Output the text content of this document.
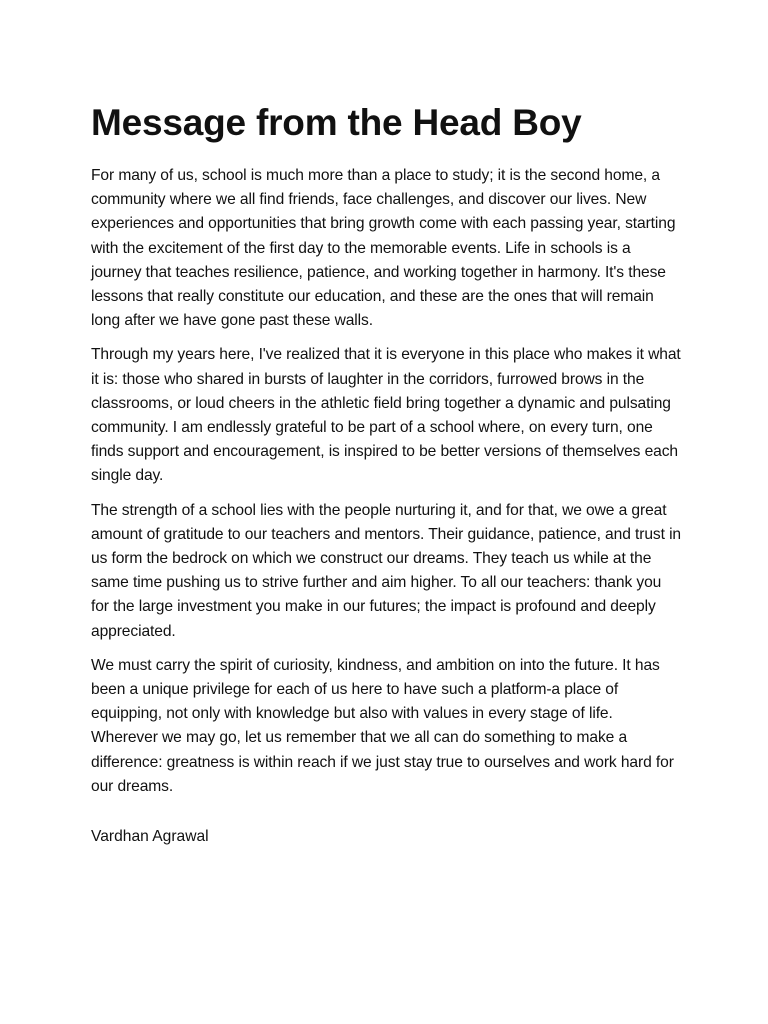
Message from the Head Boy

For many of us, school is much more than a place to study; it is the second home, a community where we all find friends, face challenges, and discover our lives. New experiences and opportunities that bring growth come with each passing year, starting with the excitement of the first day to the memorable events. Life in schools is a journey that teaches resilience, patience, and working together in harmony. It's these lessons that really constitute our education, and these are the ones that will remain long after we have gone past these walls.

Through my years here, I've realized that it is everyone in this place who makes it what it is: those who shared in bursts of laughter in the corridors, furrowed brows in the classrooms, or loud cheers in the athletic field bring together a dynamic and pulsating community. I am endlessly grateful to be part of a school where, on every turn, one finds support and encouragement, is inspired to be better versions of themselves each single day.

The strength of a school lies with the people nurturing it, and for that, we owe a great amount of gratitude to our teachers and mentors. Their guidance, patience, and trust in us form the bedrock on which we construct our dreams. They teach us while at the same time pushing us to strive further and aim higher. To all our teachers: thank you for the large investment you make in our futures; the impact is profound and deeply appreciated.

We must carry the spirit of curiosity, kindness, and ambition on into the future. It has been a unique privilege for each of us here to have such a platform-a place of equipping, not only with knowledge but also with values in every stage of life. Wherever we may go, let us remember that we all can do something to make a difference: greatness is within reach if we just stay true to ourselves and work hard for our dreams.

Vardhan Agrawal
